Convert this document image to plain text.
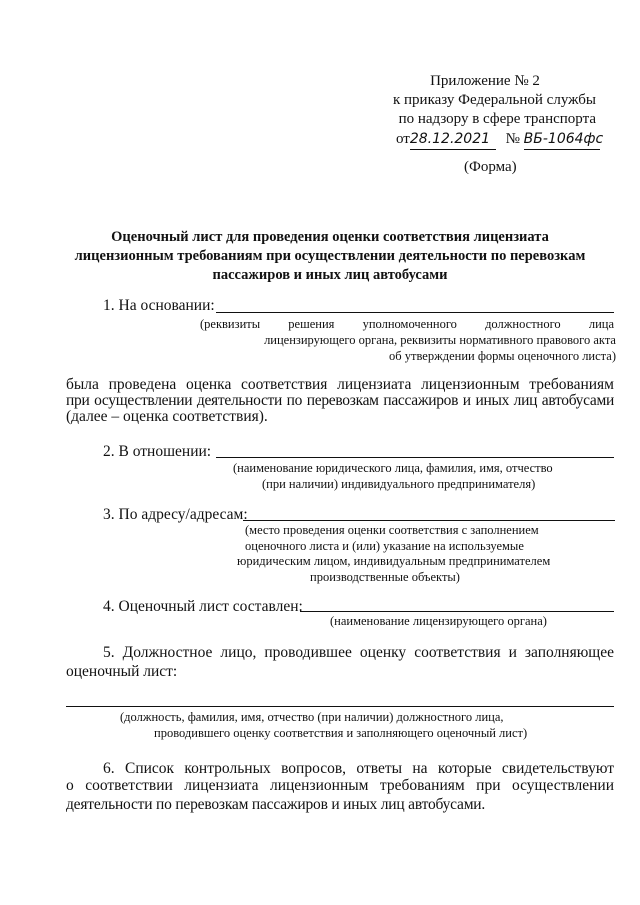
Приложение № 2
к приказу Федеральной службы
по надзору в сфере транспорта
от28.12.2021 № ВБ-1064фс
(Форма)
Оценочный лист для проведения оценки соответствия лицензиата
лицензионным требованиям при осуществлении деятельности по перевозкам
пассажиров и иных лиц автобусами
1. На основании:
(реквизиты решения уполномоченного должностного лица
лицензирующего органа, реквизиты нормативного правового акта
об утверждении формы оценочного листа)
была проведена оценка соответствия лицензиата лицензионным требованиям
при осуществлении деятельности по перевозкам пассажиров и иных лиц автобусами
(далее – оценка соответствия).
2. В отношении:
(наименование юридического лица, фамилия, имя, отчество
(при наличии) индивидуального предпринимателя)
3. По адресу/адресам:
(место проведения оценки соответствия с заполнением
оценочного листа и (или) указание на используемые
юридическим лицом, индивидуальным предпринимателем
производственные объекты)
4. Оценочный лист составлен:
(наименование лицензирующего органа)
5. Должностное лицо, проводившее оценку соответствия и заполняющее
оценочный лист:
(должность, фамилия, имя, отчество (при наличии) должностного лица,
проводившего оценку соответствия и заполняющего оценочный лист)
6. Список контрольных вопросов, ответы на которые свидетельствуют
о соответствии лицензиата лицензионным требованиям при осуществлении
деятельности по перевозкам пассажиров и иных лиц автобусами.
